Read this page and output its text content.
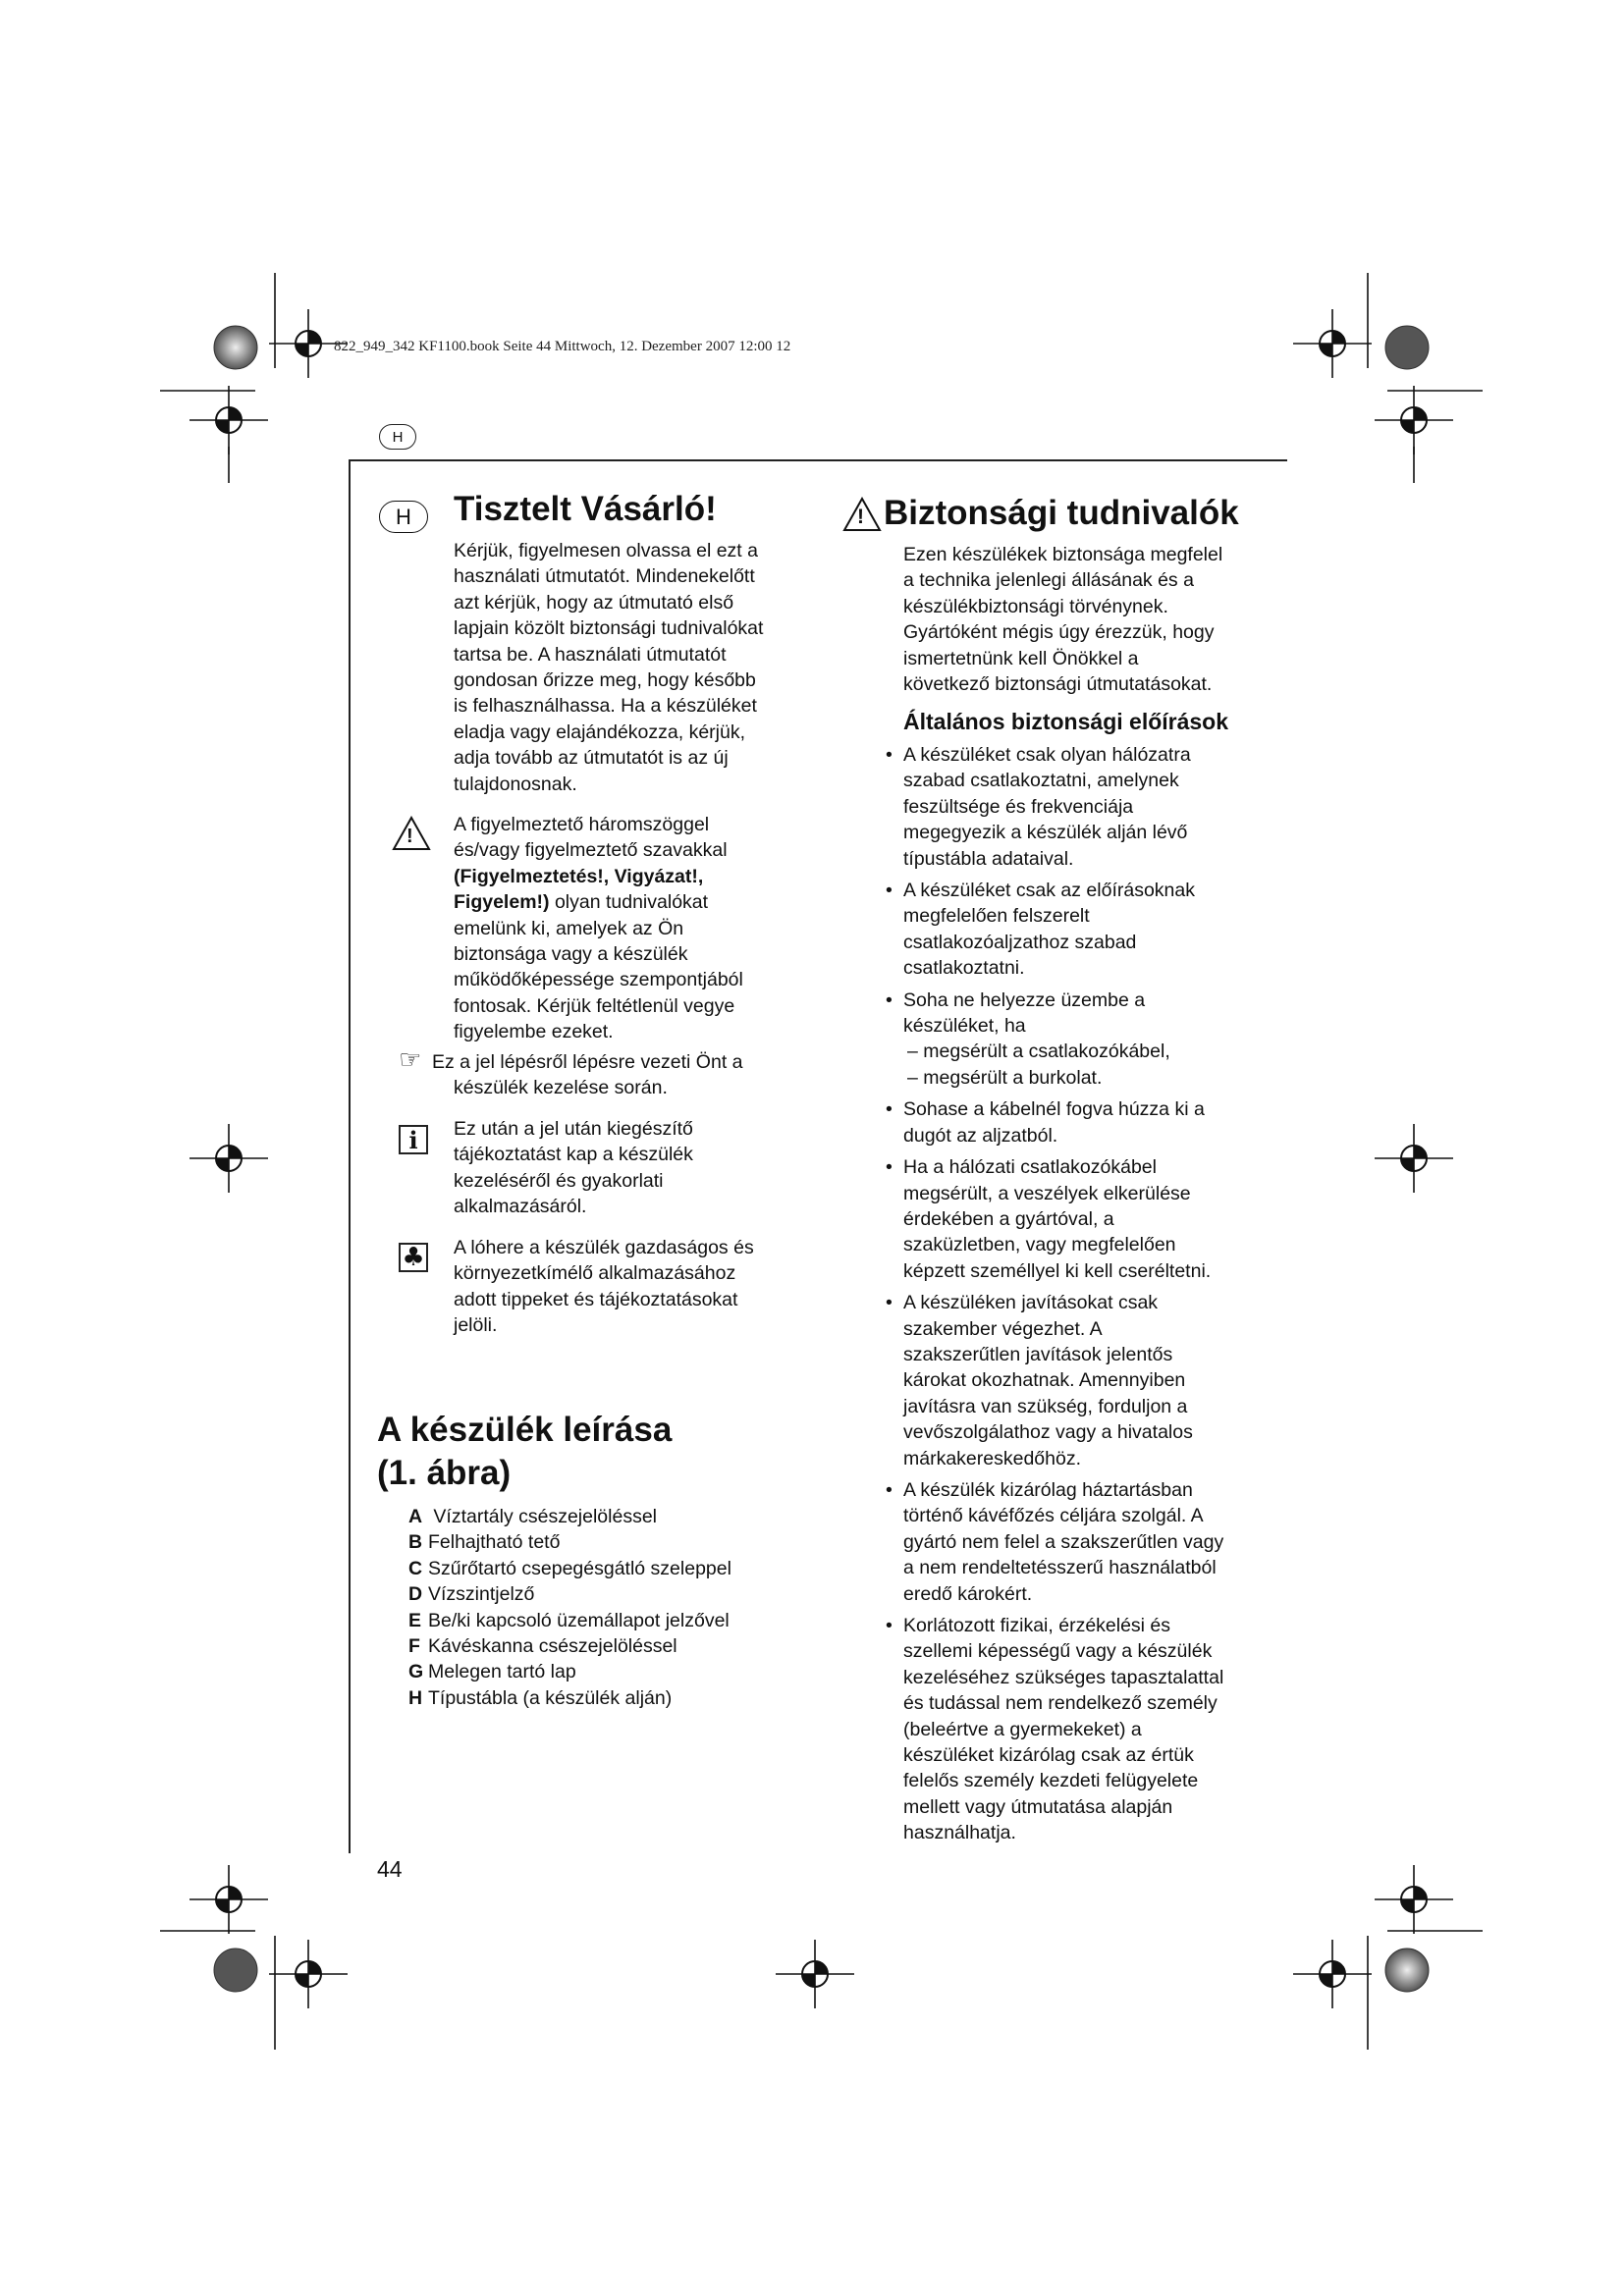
822_949_342 KF1100.book Seite 44 Mittwoch, 12. Dezember 2007 12:00 12
H
H	Tisztelt Vásárló!

Kérjük, figyelmesen olvassa el ezt a

használati útmutatót. Mindenekelőtt

azt kérjük, hogy az útmutató első

lapjain közölt biztonsági tudnivalókat

tartsa be. A használati útmutatót

gondosan őrizze meg, hogy később

is felhasználhassa. Ha a készüléket

eladja vagy elajándékozza, kérjük,

adja tovább az útmutatót is az új

tulajdonosnak.

!

A figyelmeztető háromszöggel

és/vagy figyelmeztető szavakkal

(Figyelmeztetés!, Vigyázat!,

Figyelem!) olyan tudnivalókat

emelünk ki, amelyek az Ön

biztonsága vagy a készülék

működőképessége szempontjából

fontosak. Kérjük feltétlenül vegye

figyelembe ezeket.

☞ Ez a jel lépésről lépésre vezeti Önt a

készülék kezelése során.

i	Ez után a jel után kiegészítő

tájékoztatást kap a készülék

kezeléséről és gyakorlati

alkalmazásáról.

♣ A lóhere a készülék gazdaságos és

környezetkímélő alkalmazásához

adott tippeket és tájékoztatásokat

jelöli.

A készülék leírása
(1. ábra)
A Víztartály csészejelöléssel
B Felhajtható tető
C Szűrőtartó csepegésgátló szeleppel
D Vízszintjelző
E Be/ki kapcsoló üzemállapot jelzővel
F Kávéskanna csészejelöléssel
G Melegen tartó lap
H Típustábla (a készülék alján)
44
! Biztonsági tudnivalók

Ezen készülékek biztonsága megfelel

a technika jelenlegi állásának és a

készülékbiztonsági törvénynek.

Gyártóként mégis úgy érezzük, hogy

ismertetnünk kell Önökkel a

következő biztonsági útmutatásokat.

Általános biztonsági előírások
• A készüléket csak olyan hálózatra

szabad csatlakoztatni, amelynek

feszültsége és frekvenciája

megegyezik a készülék alján lévő

típustábla adataival.

• A készüléket csak az előírásoknak

megfelelően felszerelt

csatlakozóaljzathoz szabad

csatlakoztatni.

• Soha ne helyezze üzembe a

készüléket, ha

– megsérült a csatlakozókábel,

– megsérült a burkolat.

• Sohase a kábelnél fogva húzza ki a

dugót az aljzatból.

• Ha a hálózati csatlakozókábel

megsérült, a veszélyek elkerülése

érdekében a gyártóval, a

szaküzletben, vagy megfelelően

képzett személlyel ki kell cseréltetni.

• A készüléken javításokat csak

szakember végezhet. A

szakszerűtlen javítások jelentős

károkat okozhatnak. Amennyiben

javításra van szükség, forduljon a

vevőszolgálathoz vagy a hivatalos

márkakereskedőhöz.

• A készülék kizárólag háztartásban

történő kávéfőzés céljára szolgál. A

gyártó nem felel a szakszerűtlen vagy

a nem rendeltetésszerű használatból

eredő károkért.

• Korlátozott fizikai, érzékelési és

szellemi képességű vagy a készülék

kezeléséhez szükséges tapasztalattal

és tudással nem rendelkező személy

(beleértve a gyermekeket) a

készüléket kizárólag csak az értük

felelős személy kezdeti felügyelete

mellett vagy útmutatása alapján

használhatja.
